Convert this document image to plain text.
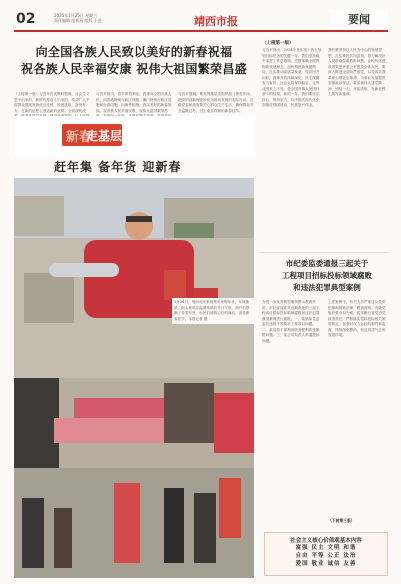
02	2025年1月25日 星期六
责任编辑 范春燕 组版 王进	靖西市报	要闻
向全国各族人民致以美好的新春祝福
祝各族人民幸福安康 祝伟大祖国繁荣昌盛
（上接第一版）习近平在视察时强调，社会主义是干出来的，新时代是奋斗出来的。希望广大干部群众继续发扬优良传统，锐意进取，奋发有为，在新的征程上创造新的业绩。全面深化改
习近平指出，春节即将来临，我谨向全国各族人民，向香港特别行政区同胞、澳门特别行政区同胞和台湾同胞，向海外侨胞，致以美好的新春祝福。祝各族人民幸福安康，祝伟大祖国繁荣昌
习近平强调，要发挥基层党组织战斗堡垒作用，把党的创新理论转化为推动发展的实际行动。各级党委和政府要关心群众生产生活，确保群众安全温暖过冬，过上欢乐祥和的新春佳节。
新春
走基层
赶年集 备年货 迎新春
1月24日，靖西市民来到集市采购年货，年味渐浓。街头巷尾洋溢着浓浓的节日气氛，商户们摆满了各类年货，市民们选购心仪的商品，喜迎新春佳节。本报记者 摄
（上接第一版）
习近平指出，2024年是实现十四五规划目标任务的关键一年。我们坚持稳中求进工作总基调，完整准确全面贯彻新发展理念，加快构建新发展格局，扎实推动高质量发展，经济回升向好，改革开放持续深化，民生保障有力有效，社会大局保持稳定。这些成绩来之不易，是全国各族人民团结奋斗的结果。新的一年，我们要坚定信心、保持定力，以中国式现代化全面推进强国建设、民族复兴伟业。
我们要坚持以人民为中心的发展思想，扎实推进共同富裕，着力解决好人民群众急难愁盼问题，让现代化建设成果更多更公平惠及全体人民。要深入推进全面从严治党，以党的自我革命引领社会革命，为事业发展提供坚强政治保证。要弘扬伟大建党精神，团结一心，开拓进取，在新征程上续写新篇章。
市纪委监委通报三起关于
工程项目招标投标领域腐败
和违法犯罪典型案例
为进一步发挥典型案例警示教育作用，市纪委监委对近期查处的三起工程项目招标投标领域腐败和违法犯罪典型案例进行通报。一、某镇原党委委员违规干预插手工程项目问题。二、某局原干部利用职务便利收受贿赂问题。三、某公司负责人串通投标问题。
上述案例中，有关人员严重违反党的纪律和国家法律，教训深刻。各级党组织要引以为戒，切实履行管党治党政治责任，严格落实招标投标相关制度规定，加强对权力运行的制约和监督，持续深化整治，营造风清气正的发展环境。
（下转第三版）
社会主义核心价值观基本内容
富强 民主 文明 和谐
自由 平等 公正 法治
爱国 敬业 诚信 友善
